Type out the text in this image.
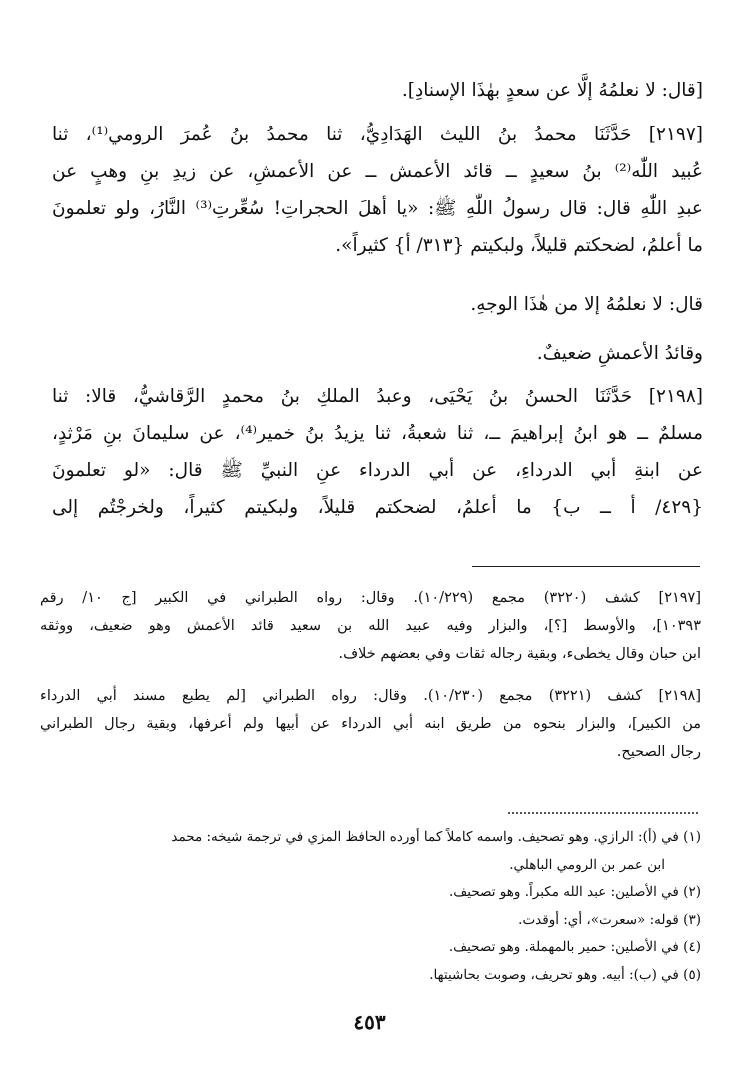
[قال: لا نعلمُهُ إلَّا عن سعدٍ بهٰذَا الإسنادِ].
[٢١٩٧] حَدَّثَنَا محمدُ بنُ الليث الهَدَادِيُّ، ثنا محمدُ بنُ عُمرَ الرومي⁽¹⁾، ثنا
عُبيد اللّٰه⁽²⁾ بنُ سعيدٍ ــ قائد الأعمش ــ عن الأعمشِ، عن زيدِ بنِ وهبٍ عن
عبدِ اللّٰهِ قال: قال رسولُ اللّٰهِ ﷺ: «يا أهلَ الحجراتِ! سُعِّرتِ⁽³⁾ النَّارُ، ولو تعلمونَ
ما أعلمُ، لضحكتم قليلاً، ولبكيتم {٣١٣/ أ} كثيراً».
قال: لا نعلمُهُ إلا من هٰذَا الوجهِ.
وقائدُ الأعمشِ ضعيفٌ.
[٢١٩٨] حَدَّثَنَا الحسنُ بنُ يَحْيَى، وعبدُ الملكِ بنُ محمدٍ الرَّقاشيُّ، قالا: ثنا
مسلمٌ ــ هو ابنُ إبراهيمَ ــ، ثنا شعبةُ، ثنا يزيدُ بنُ خمير⁽⁴⁾، عن سليمانَ بنِ مَرْثدٍ،
عن ابنةِ أبي الدرداءِ، عن أبي الدرداء عنِ النبيِّ ﷺ قال: «لو تعلمونَ
{٤٢٩/ أ ــ ب} ما أعلمُ، لضحكتم قليلاً، ولبكيتم كثيراً، ولخرجْتُم إلى
[٢١٩٧] كشف (٣٢٢٠) مجمع (١٠/٢٢٩). وقال: رواه الطبراني في الكبير [ج ١٠/ رقم
١٠٣٩٣]، والأوسط [؟]، والبزار وفيه عبيد الله بن سعيد قائد الأعمش وهو ضعيف، ووثقه
ابن حبان وقال يخطىء، وبقية رجاله ثقات وفي بعضهم خلاف.
[٢١٩٨] كشف (٣٢٢١) مجمع (١٠/٢٣٠). وقال: رواه الطبراني [لم يطبع مسند أبي الدرداء
من الكبير]، والبزار بنحوه من طريق ابنه أبي الدرداء عن أبيها ولم أعرفها، وبقية رجال الطبراني
رجال الصحيح.
(١) في (أ): الرازي. وهو تصحيف. واسمه كاملاً كما أورده الحافظ المزي في ترجمة شيخه: محمد
ابن عمر بن الرومي الباهلي.
(٢) في الأصلين: عبد الله مكبراً. وهو تصحيف.
(٣) قوله: «سعرت»، أي: أوقدت.
(٤) في الأصلين: حمير بالمهملة. وهو تصحيف.
(٥) في (ب): أبيه. وهو تحريف، وصوبت بحاشيتها.
٤٥٣
